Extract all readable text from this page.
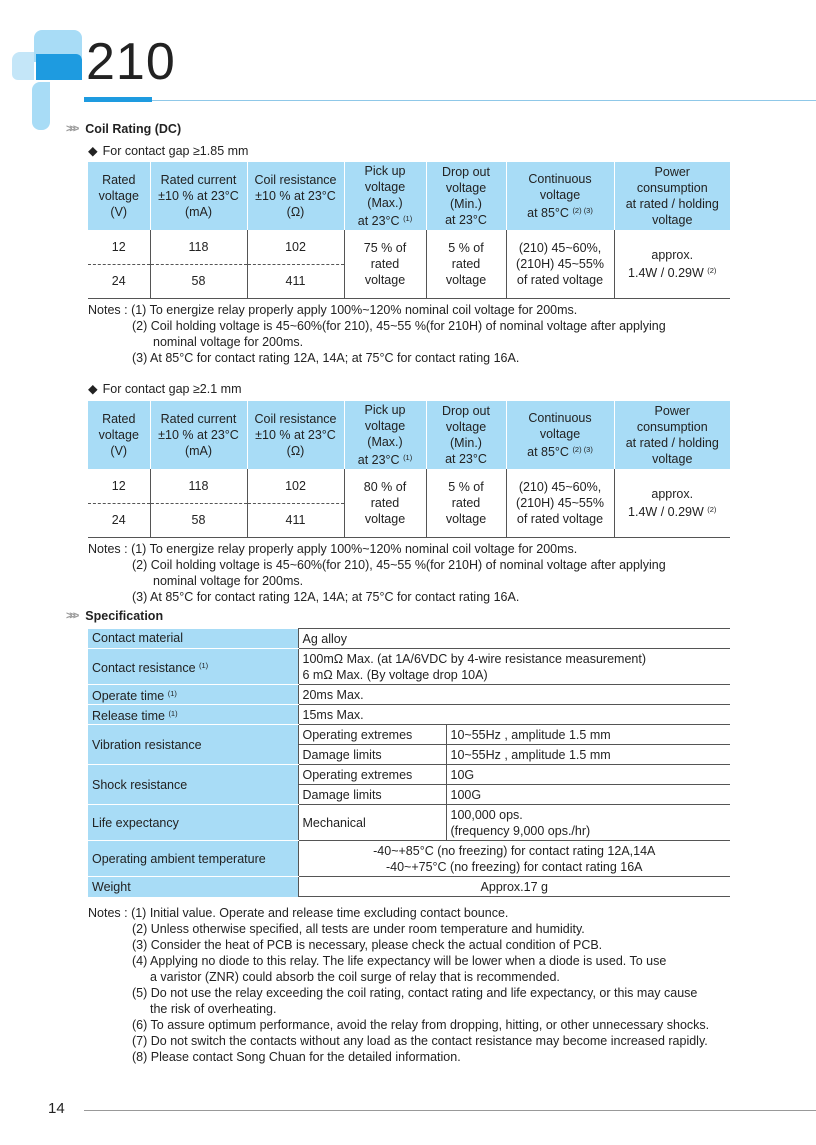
210
>>> Coil Rating (DC)
◆ For contact gap ≥1.85 mm
Rated
voltage
(V)	Rated current
±10 % at 23°C
(mA)	Coil resistance
±10 % at 23°C
(Ω)	Pick up
voltage
(Max.)
at 23°C $^{(1)}$	Drop out
voltage
(Min.)
at 23°C	Continuous
voltage
at 85°C $^{(2) (3)}$	Power
consumption
at rated / holding
voltage
12	118	102	75 % of
rated
voltage	5 % of
rated
voltage	(210) 45~60%,
(210H) 45~55%
of rated voltage	approx.
1.4W / 0.29W $^{(2)}$
24	58	411				
Notes : (1) To energize relay properly apply 100%~120% nominal coil voltage for 200ms.
(2) Coil holding voltage is 45~60%(for 210), 45~55 %(for 210H) of nominal voltage after applying
nominal voltage for 200ms.
(3) At 85°C for contact rating 12A, 14A; at 75°C for contact rating 16A.
◆ For contact gap ≥2.1 mm
Rated
voltage
(V)	Rated current
±10 % at 23°C
(mA)	Coil resistance
±10 % at 23°C
(Ω)	Pick up
voltage
(Max.)
at 23°C $^{(1)}$	Drop out
voltage
(Min.)
at 23°C	Continuous
voltage
at 85°C $^{(2) (3)}$	Power
consumption
at rated / holding
voltage
12	118	102	80 % of
rated
voltage	5 % of
rated
voltage	(210) 45~60%,
(210H) 45~55%
of rated voltage	approx.
1.4W / 0.29W $^{(2)}$
24	58	411				
Notes : (1) To energize relay properly apply 100%~120% nominal coil voltage for 200ms.
(2) Coil holding voltage is 45~60%(for 210), 45~55 %(for 210H) of nominal voltage after applying
nominal voltage for 200ms.
(3) At 85°C for contact rating 12A, 14A; at 75°C for contact rating 16A.
>>> Specification
Contact material	Ag alloy	
Contact resistance $^{(1)}$	100mΩ Max. (at 1A/6VDC by 4-wire resistance measurement)
6 mΩ Max. (By voltage drop 10A)	
Operate time $^{(1)}$	20ms Max.	
Release time $^{(1)}$	15ms Max.	
Vibration resistance	Operating extremes	10~55Hz , amplitude 1.5 mm
	Damage limits	10~55Hz , amplitude 1.5 mm
Shock resistance	Operating extremes	10G
	Damage limits	100G
Life expectancy	Mechanical	100,000 ops.
(frequency 9,000 ops./hr)
Operating ambient temperature	-40~+85°C (no freezing) for contact rating 12A,14A
-40~+75°C (no freezing) for contact rating 16A	
Weight	Approx.17 g	
Notes : (1) Initial value. Operate and release time excluding contact bounce.
(2) Unless otherwise specified, all tests are under room temperature and humidity.
(3) Consider the heat of PCB is necessary, please check the actual condition of PCB.
(4) Applying no diode to this relay. The life expectancy will be lower when a diode is used. To use
a varistor (ZNR) could absorb the coil surge of relay that is recommended.
(5) Do not use the relay exceeding the coil rating, contact rating and life expectancy, or this may cause
the risk of overheating.
(6) To assure optimum performance, avoid the relay from dropping, hitting, or other unnecessary shocks.
(7) Do not switch the contacts without any load as the contact resistance may become increased rapidly.
(8) Please contact Song Chuan for the detailed information.
14
